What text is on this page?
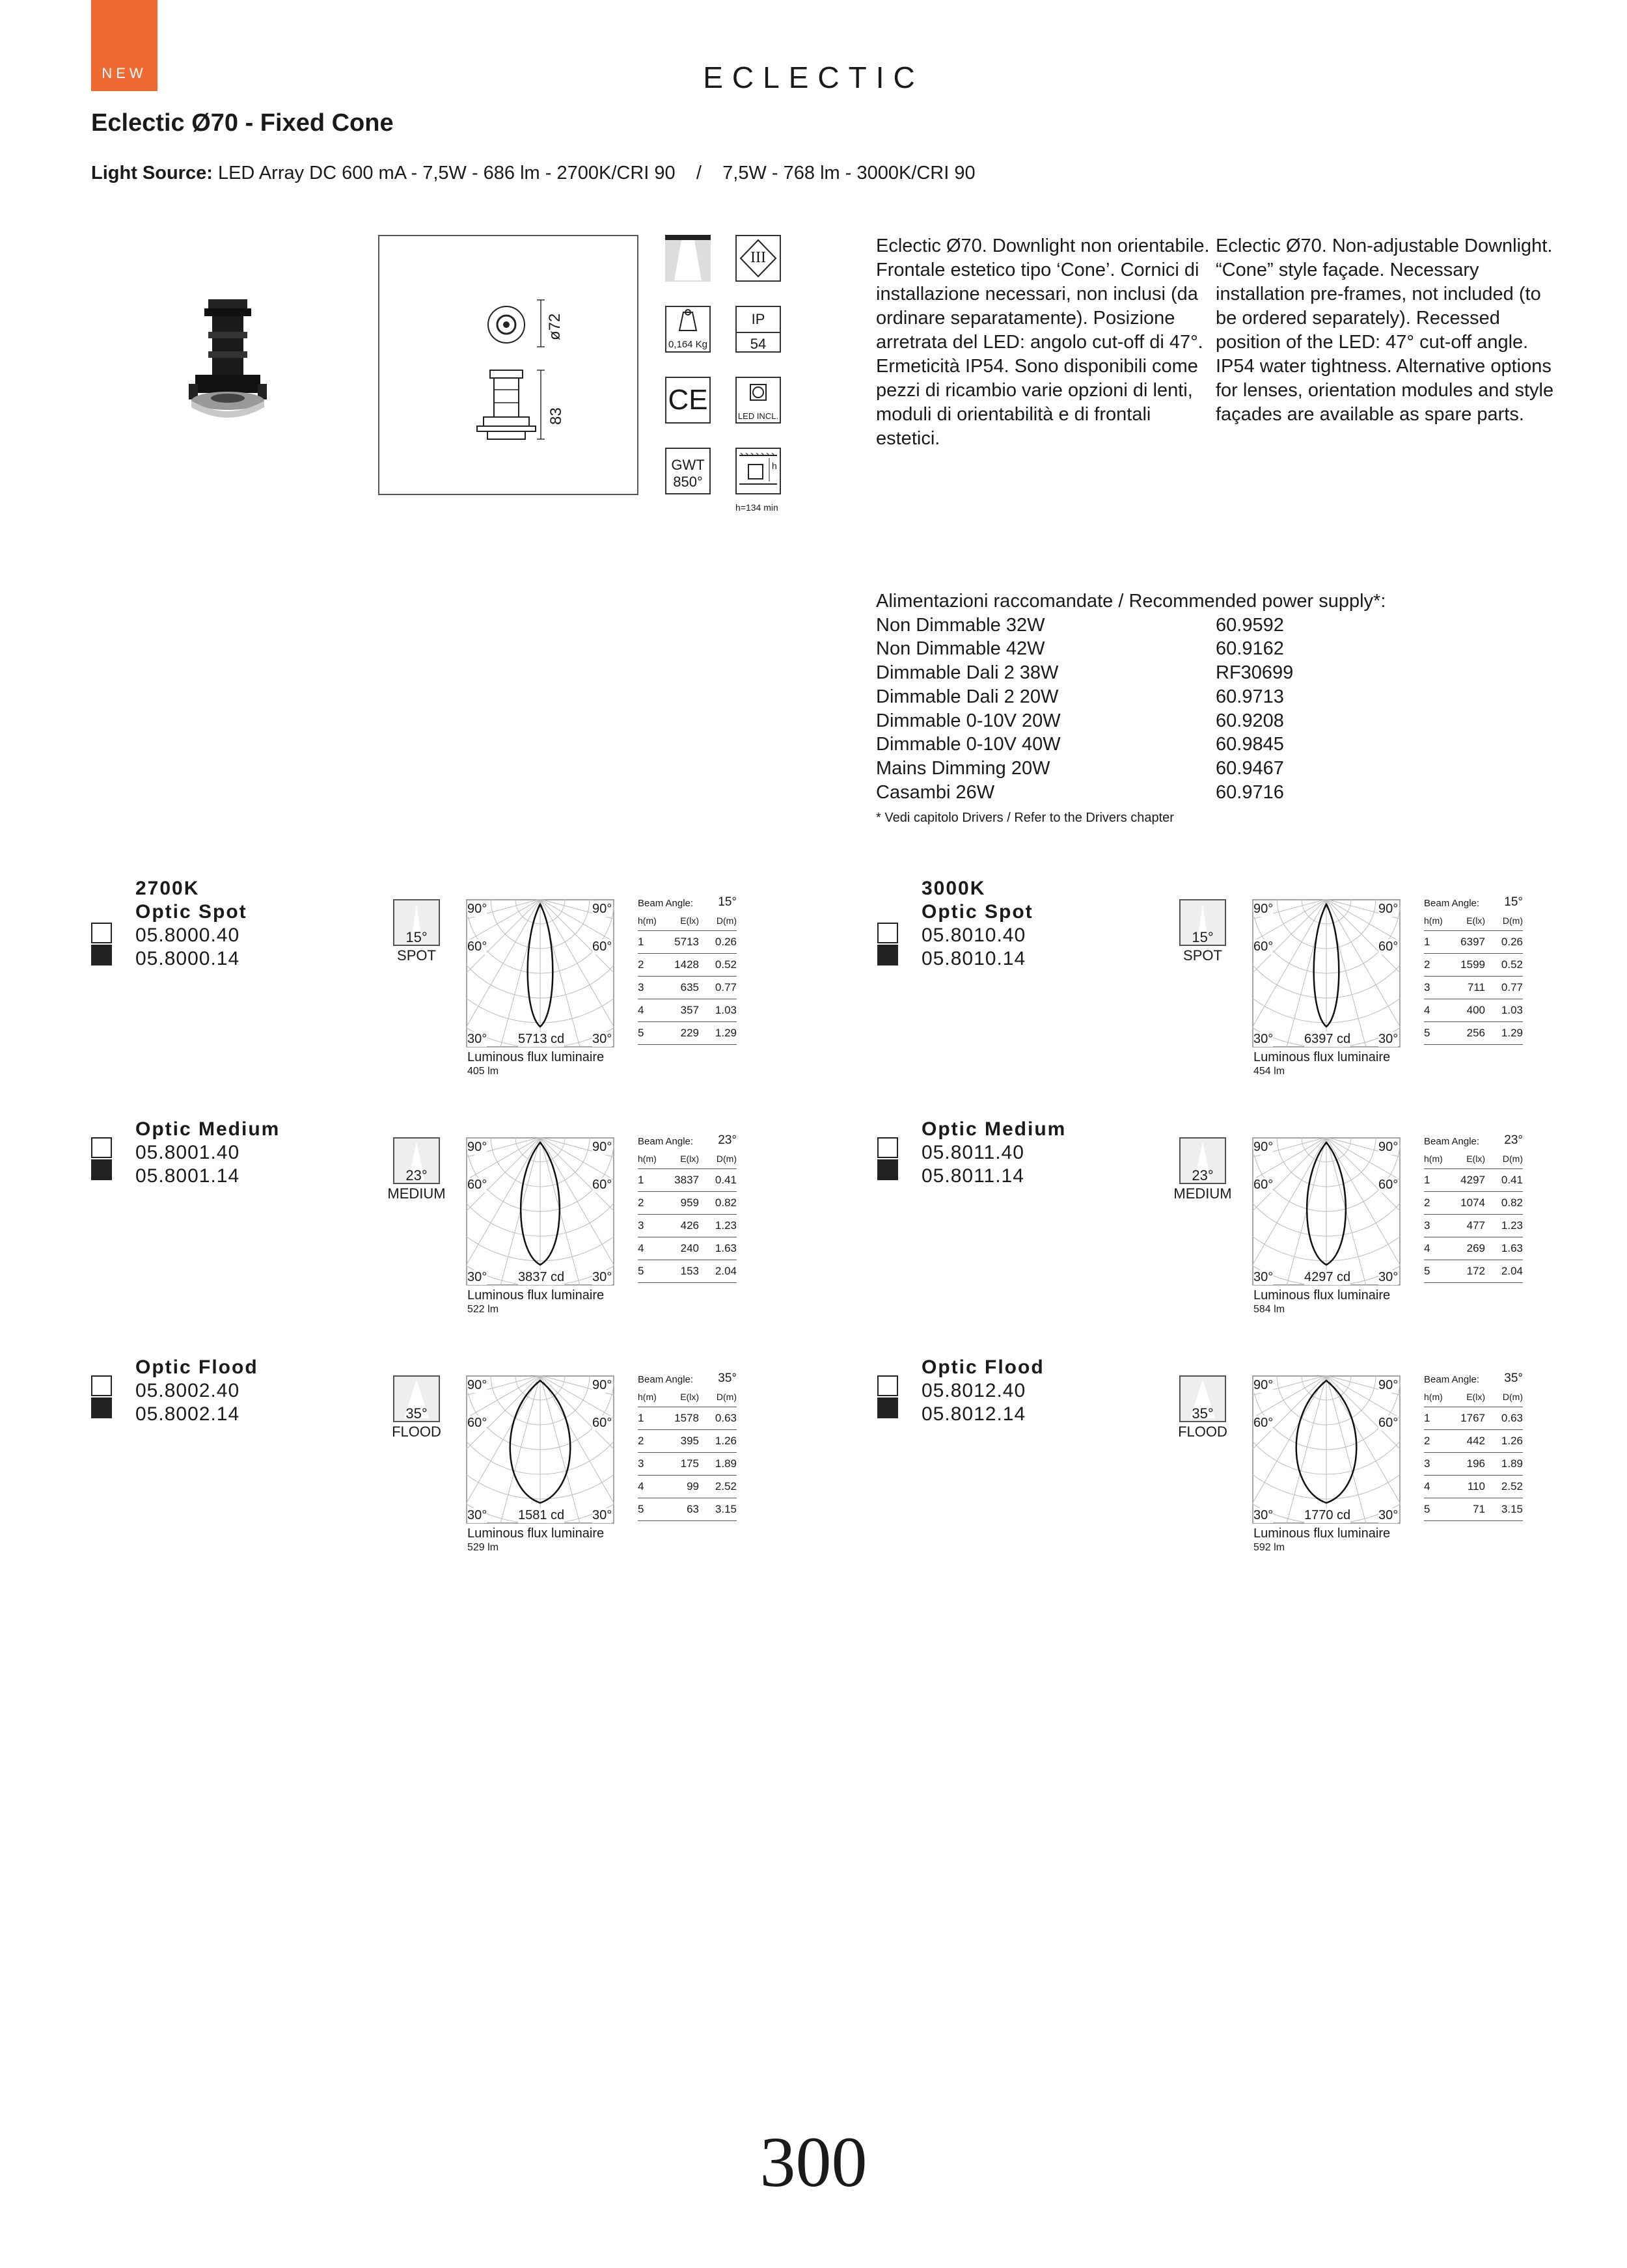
NEW	ECLECTIC
Eclectic Ø70 - Fixed Cone
Light Source: LED Array DC 600 mA - 7,5W - 686 lm - 2700K/CRI 90    /    7,5W - 768 lm - 3000K/CRI 90
ø72
83
III
0,164 Kg
IP
54
CE
LED INCL.
GWT
850°
h
h=134 min
Eclectic Ø70. Downlight non orientabile. Frontale estetico tipo ‘Cone’. Cornici di installazione necessari, non inclusi (da ordinare separatamente). Posizione arretrata del LED: angolo cut-off di 47°. Ermeticità IP54. Sono disponibili come pezzi di ricambio varie opzioni di lenti, moduli di orientabilità e di frontali estetici.
Eclectic Ø70. Non-adjustable Downlight. “Cone” style façade. Necessary installation pre-frames, not included (to be ordered separately). Recessed position of the LED: 47° cut-off angle. IP54 water tightness. Alternative options for lenses, orientation modules and style façades are available as spare parts.
Alimentazioni raccomandate / Recommended power supply*:
Non Dimmable 32W	60.9592
Non Dimmable 42W	60.9162
Dimmable Dali 2 38W	RF30699
Dimmable Dali 2 20W	60.9713
Dimmable 0-10V 20W	60.9208
Dimmable 0-10V 40W	60.9845
Mains Dimming 20W	60.9467
Casambi 26W	60.9716
* Vedi capitolo Drivers / Refer to the Drivers chapter
2700K
Optic Spot
05.8000.40
05.8000.14
15°
SPOT
90°	90°
60°	60°
30°	30°
5713 cd
Luminous flux luminaire
405 lm
Beam Angle: 15°
h(m)	E(lx)	D(m)
1	5713	0.26
2	1428	0.52
3	635	0.77
4	357	1.03
5	229	1.29
3000K
Optic Spot
05.8010.40
05.8010.14
15°
SPOT
90°	90°
60°	60°
30°	30°
6397 cd
Luminous flux luminaire
454 lm
Beam Angle: 15°
h(m)	E(lx)	D(m)
1	6397	0.26
2	1599	0.52
3	711	0.77
4	400	1.03
5	256	1.29
Optic Medium
05.8001.40
05.8001.14	23°
MEDIUM
90°	90°
60°	60°
30°	30°
3837 cd
Luminous flux luminaire
522 lm
Beam Angle: 23°
h(m)	E(lx)	D(m)
1	3837	0.41
2	959	0.82
3	426	1.23
4	240	1.63
5	153	2.04
Optic Medium
05.8011.40
05.8011.14	23°
MEDIUM
90°	90°
60°	60°
30°	30°
4297 cd
Luminous flux luminaire
584 lm
Beam Angle: 23°
h(m)	E(lx)	D(m)
1	4297	0.41
2	1074	0.82
3	477	1.23
4	269	1.63
5	172	2.04
Optic Flood
05.8002.40
05.8002.14	35°
FLOOD
90°	90°
60°	60°
30°	30°
1581 cd
Luminous flux luminaire
529 lm
Beam Angle: 35°
h(m)	E(lx)	D(m)
1	1578	0.63
2	395	1.26
3	175	1.89
4	99	2.52
5	63	3.15
Optic Flood
05.8012.40
05.8012.14	35°
FLOOD
90°	90°
60°	60°
30°	30°
1770 cd
Luminous flux luminaire
592 lm
Beam Angle: 35°
h(m)	E(lx)	D(m)
1	1767	0.63
2	442	1.26
3	196	1.89
4	110	2.52
5	71	3.15
300
